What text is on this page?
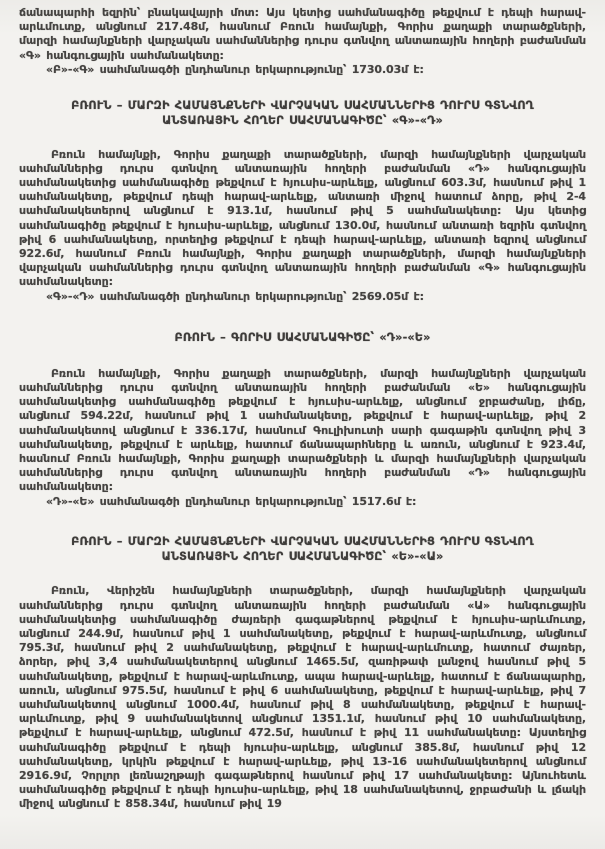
ճանապարհի եզրին՝ բնակավայրի մոտ: Այս կետից սահմանագիծը թեքվում է դեպի հարավ-արևմուտք, անցնում 217.48մ, հասնում Բռուն համայնքի, Գորիս քաղաքի տարածքների, մարզի համայնքների վարչական սահմաններից դուրս գտնվող անտառային հողերի բաժանման «Գ» հանգուցային սահմանակետը:

«Բ»-«Գ» սահմանագծի ընդհանուր երկարությունը՝ 1730.03մ է:

ԲՌՈՒՆ – ՄԱՐԶԻ ՀԱՄԱՅՆՔՆԵՐԻ ՎԱՐՉԱԿԱՆ ՍԱՀՄԱՆՆԵՐԻՑ ԴՈՒՐՍ ԳՏՆՎՈՂ ԱՆՏԱՌԱՅԻՆ ՀՈՂԵՐ ՍԱՀՄԱՆԱԳԻԾԸ՝ «Գ»-«Դ»

Բռուն համայնքի, Գորիս քաղաքի տարածքների, մարզի համայնքների վարչական սահմաններից դուրս գտնվող անտառային հողերի բաժանման «Դ» հանգուցային սահմանակետից սահմանագիծը թեքվում է հյուսիս-արևելք, անցնում 603.3մ, հասնում թիվ 1 սահմանակետը, թեքվում դեպի հարավ-արևելք, անտառի միջով հատում ձորը, թիվ 2-4 սահմանակետերով անցնում է 913.1մ, հասնում թիվ 5 սահմանակետը: Այս կետից սահմանագիծը թեքվում է հյուսիս-արևելք, անցնում 130.0մ, հասնում անտառի եզրին գտնվող թիվ 6 սահմանակետը, որտեղից թեքվում է դեպի հարավ-արևելք, անտառի եզրով անցնում 922.6մ, հասնում Բռուն համայնքի, Գորիս քաղաքի տարածքների, մարզի համայնքների վարչական սահմաններից դուրս գտնվող անտառային հողերի բաժանման «Գ» հանգուցային սահմանակետը:

«Գ»-«Դ» սահմանագծի ընդհանուր երկարությունը՝ 2569.05մ է:

ԲՌՈՒՆ – ԳՈՐԻՍ ՍԱՀՄԱՆԱԳԻԾԸ՝ «Դ»-«Ե»

Բռուն համայնքի, Գորիս քաղաքի տարածքների, մարզի համայնքների վարչական սահմաններից դուրս գտնվող անտառային հողերի բաժանման «Ե» հանգուցային սահմանակետից սահմանագիծը թեքվում է հյուսիս-արևելք, անցնում ջրբաժանը, լիճը, անցնում 594.22մ, հասնում թիվ 1 սահմանակետը, թեքվում է հարավ-արևելք, թիվ 2 սահմանակետով անցնում է 336.17մ, հասնում Գուլիխուտի սարի գագաթին գտնվող թիվ 3 սահմանակետը, թեքվում է արևելք, հատում ճանապարհները և առուն, անցնում է 923.4մ, հասնում Բռուն համայնքի, Գորիս քաղաքի տարածքների և մարզի համայնքների վարչական սահմաններից դուրս գտնվող անտառային հողերի բաժանման «Դ» հանգուցային սահմանակետը:

«Դ»-«Ե» սահմանագծի ընդհանուր երկարությունը՝ 1517.6մ է:

ԲՌՈՒՆ – ՄԱՐԶԻ ՀԱՄԱՅՆՔՆԵՐԻ ՎԱՐՉԱԿԱՆ ՍԱՀՄԱՆՆԵՐԻՑ ԴՈՒՐՍ ԳՏՆՎՈՂ ԱՆՏԱՌԱՅԻՆ ՀՈՂԵՐ ՍԱՀՄԱՆԱԳԻԾԸ՝ «Ե»-«Ա»

Բռուն, Վերիշեն համայնքների տարածքների, մարզի համայնքների վարչական սահմաններից դուրս գտնվող անտառային հողերի բաժանման «Ա» հանգուցային սահմանակետից սահմանագիծը ժայռերի գագաթներով թեքվում է հյուսիս-արևմուտք, անցնում 244.9մ, հասնում թիվ 1 սահմանակետը, թեքվում է հարավ-արևմուտք, անցնում 795.3մ, հասնում թիվ 2 սահմանակետը, թեքվում է հարավ-արևմուտք, հատում ժայռեր, ձորեր, թիվ 3,4 սահմանակետերով անցնում 1465.5մ, զառիթափ լանջով հասնում թիվ 5 սահմանակետը, թեքվում է հարավ-արևմուտք, ապա հարավ-արևելք, հատում է ճանապարհը, առուն, անցնում 975.5մ, հասնում է թիվ 6 սահմանակետը, թեքվում է հարավ-արևելք, թիվ 7 սահմանակետով անցնում 1000.4մ, հասնում թիվ 8 սահմանակետը, թեքվում է հարավ-արևմուտք, թիվ 9 սահմանակետով անցնում 1351.1մ, հասնում թիվ 10 սահմանակետը, թեքվում է հարավ-արևելք, անցնում 472.5մ, հասնում է թիվ 11 սահմանակետը: Այստեղից սահմանագիծը թեքվում է դեպի հյուսիս-արևելք, անցնում 385.8մ, հասնում թիվ 12 սահմանակետը, կրկին թեքվում է հարավ-արևելք, թիվ 13-16 սահմանակետերով անցնում 2916.9մ, Չորլոր լեռնաշղթայի գագաթներով հասնում թիվ 17 սահմանակետը: Այնուհետև սահմանագիծը թեքվում է դեպի հյուսիս-արևելք, թիվ 18 սահմանակետով, ջրբաժանի և լճակի միջով անցնում է 858.34մ, հասնում թիվ 19
